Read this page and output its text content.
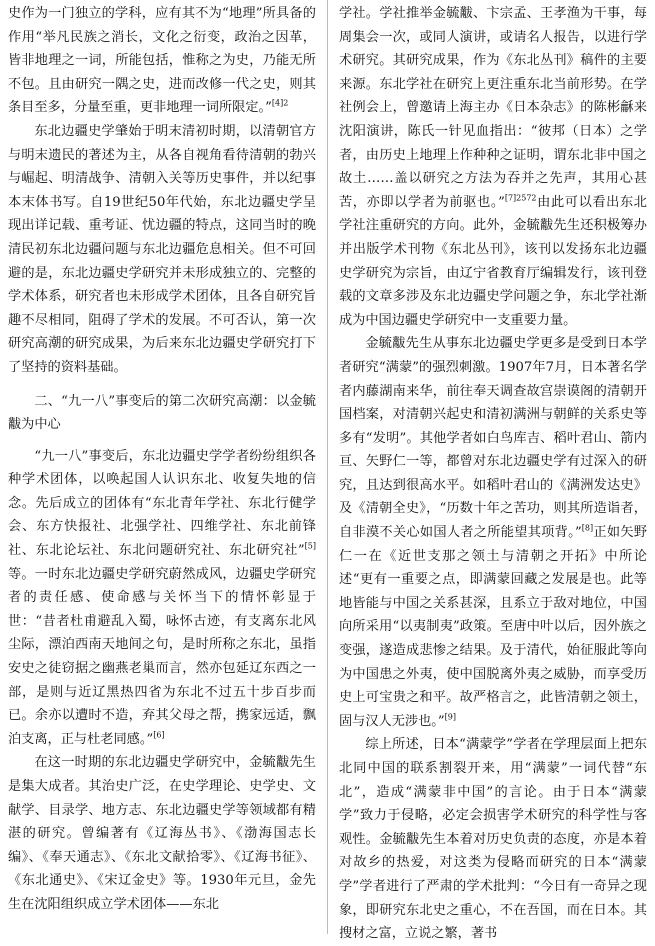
史作为一门独立的学科，应有其不为“地理”所具备的作用“举凡民族之消长，文化之衍变，政治之因革，皆非地理之一词，所能包括，惟称之为史，乃能无所不包。且由研究一隅之史，进而改修一代之史，则其条目至多，分量至重，更非地理一词所限定。”$^{[4]2}$

东北边疆史学肇始于明末清初时期，以清朝官方与明末遗民的著述为主，从各自视角看待清朝的勃兴与崛起、明清战争、清朝入关等历史事件，并以纪事本末体书写。自19世纪50年代始，东北边疆史学呈现出详记载、重考证、忧边疆的特点，这同当时的晚清民初东北边疆问题与东北边疆危息相关。但不可回避的是，东北边疆史学研究并未形成独立的、完整的学术体系，研究者也未形成学术团体，且各自研究旨趣不尽相同，阻碍了学术的发展。不可否认，第一次研究高潮的研究成果，为后来东北边疆史学研究打下了坚持的资料基础。

二、“九一八”事变后的第二次研究高潮：以金毓黻为中心

“九一八”事变后，东北边疆史学学者纷纷组织各种学术团体，以唤起国人认识东北、收复失地的信念。先后成立的团体有“东北青年学社、东北行健学会、东方快报社、北强学社、四维学社、东北前锋社、东北论坛社、东北问题研究社、东北研究社”[5]等。一时东北边疆史学研究蔚然成风，边疆史学研究者的责任感、使命感与关怀当下的情怀彰显于世：“昔者杜甫避乱入蜀，咏怀古迹，有支离东北风尘际，漂泊西南天地间之句，是时所称之东北，虽指安史之徒窃据之幽燕老巢而言，然亦包延辽东西之一部，是则与近辽黑热四省为东北不过五十步百步而已。余亦以遭时不造，弃其父母之帮，携家远适，飘泊支离，正与杜老同感。”[6]

在这一时期的东北边疆史学研究中，金毓黻先生是集大成者。其治史广泛，在史学理论、史学史、文献学、目录学、地方志、东北边疆史学等领域都有精湛的研究。曾编著有《辽海丛书》、《渤海国志长编》、《奉天通志》、《东北文献拾零》、《辽海书征》、《东北通史》、《宋辽金史》等。1930年元旦，金先生在沈阳组织成立学术团体——东北

学社。学社推举金毓黻、卞宗孟、王孝渔为干事，每周集会一次，或同人演讲，或请名人报告，以进行学术研究。其研究成果，作为《东北丛刊》稿件的主要来源。东北学社在研究上更注重东北当前形势。在学社例会上，曾邀请上海主办《日本杂志》的陈彬龢来沈阳演讲，陈氏一针见血指出：“彼邦（日本）之学者，由历史上地理上作种种之证明，谓东北非中国之故土……盖以研究之方法为吞并之先声，其用心甚苦，亦即以学者为前驱也。”$^{[7]2572}$由此可以看出东北学社注重研究的方向。此外，金毓黻先生还积极筹办并出版学术刊物《东北丛刊》，该刊以发扬东北边疆史学研究为宗旨，由辽宁省教育厅编辑发行，该刊登载的文章多涉及东北边疆史学问题之争，东北学社渐成为中国边疆史学研究中一支重要力量。

金毓黻先生从事东北边疆史学更多是受到日本学者研究“满蒙”的强烈刺激。1907年7月，日本著名学者内藤湖南来华，前往奉天调查故宫崇谟阁的清朝开国档案，对清朝兴起史和清初满洲与朝鲜的关系史等多有“发明”。其他学者如白鸟库吉、稻叶君山、箭内亘、矢野仁一等，都曾对东北边疆史学有过深入的研究，且达到很高水平。如稻叶君山的《满洲发达史》及《清朝全史》，“历数十年之苦功，则其所造诣者，自非漠不关心如国人者之所能望其项背。”[8]正如矢野仁一在《近世支那之领土与清朝之开拓》中所论述“更有一重要之点，即满蒙回藏之发展是也。此等地皆能与中国之关系甚深，且系立于敌对地位，中国向所采用“以夷制夷”政策。至唐中叶以后，因外族之变强，遂造成悲惨之结果。及于清代，始征服此等向为中国患之外夷，使中国脱离外夷之威胁，而享受历史上可宝贵之和平。故严格言之，此皆清朝之领土，固与汉人无涉也。”[9]

综上所述，日本“满蒙学”学者在学理层面上把东北同中国的联系割裂开来，用“满蒙”一词代替“东北”，造成“满蒙非中国”的言论。由于日本“满蒙学”致力于侵略，必定会损害学术研究的科学性与客观性。金毓黻先生本着对历史负责的态度，亦是本着对故乡的热爱，对这类为侵略而研究的日本“满蒙学”学者进行了严肃的学术批判：“今日有一奇异之现象，即研究东北史之重心，不在吾国，而在日本。其搜材之富，立说之繁，著书
